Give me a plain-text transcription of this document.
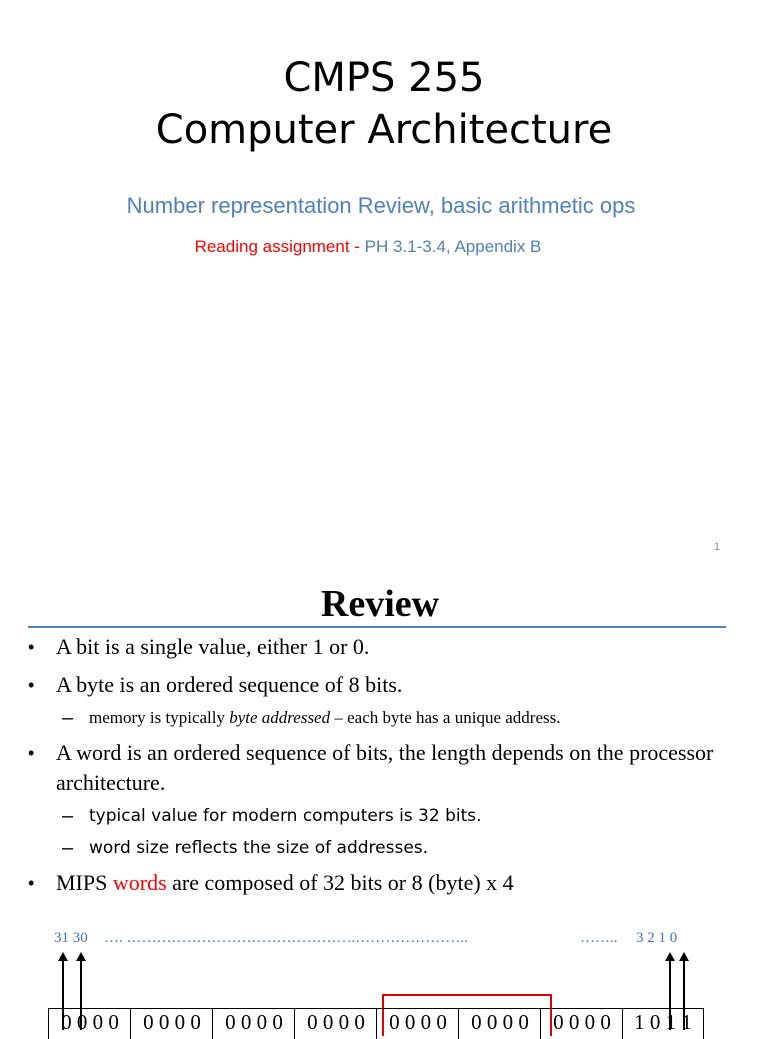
CMPS 255
Computer Architecture
Number representation Review, basic arithmetic ops
Reading assignment - PH 3.1-3.4, Appendix B
1
Review
• A bit is a single value, either 1 or 0.
• A byte is an ordered sequence of 8 bits.
– memory is typically byte addressed – each byte has a unique address.
• A word is an ordered sequence of bits, the length depends on the processor architecture.
– typical value for modern computers is 32 bits.
– word size reflects the size of addresses.
• MIPS words are composed of 32 bits or 8 (byte) x 4
31 30 …. ……………………………………….…………………..	…….. 3 2 1 0
0 0 0 0	0 0 0 0	0 0 0 0	0 0 0 0	0 0 0 0	0 0 0 0	0 0 0 0	1 0 1 1
